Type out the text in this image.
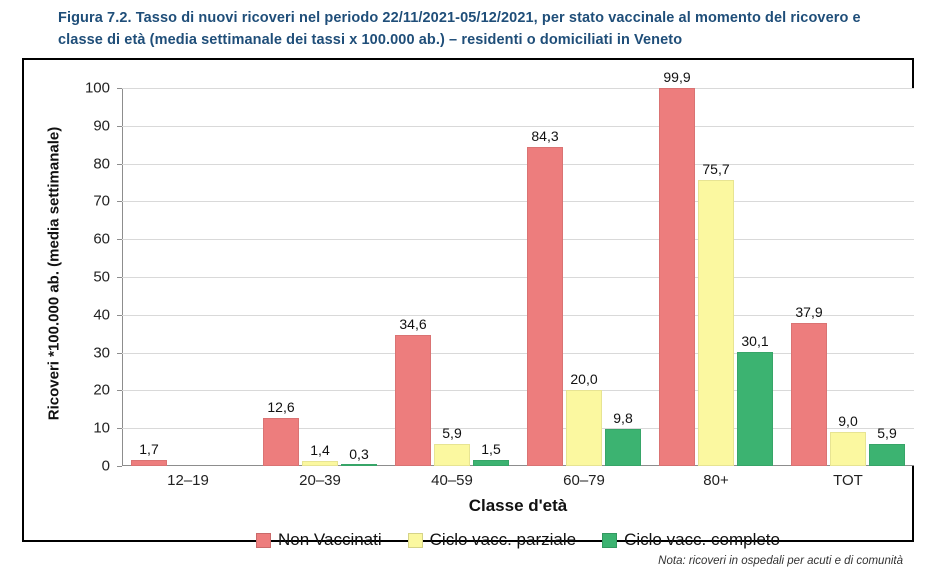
Figura 7.2. Tasso di nuovi ricoveri nel periodo 22/11/2021-05/12/2021, per stato vaccinale al momento del ricovero e classe di età (media settimanale dei tassi x 100.000 ab.) – residenti o domiciliati in Veneto
Ricoveri *100.000 ab. (media settimanale)
0
10
20
30
40
50
60
70
80
90
100
1,7
12–19
12,6
1,4 0,3
20–39
34,6
5,9
1,5
40–59
84,3
20,0
9,8
60–79
99,9
75,7
30,1
80+
37,9
9,0
5,9
TOT
Classe d'età
Non Vaccinati	Ciclo vacc. parziale	Ciclo vacc. completo
Nota: ricoveri in ospedali per acuti e di comunità
